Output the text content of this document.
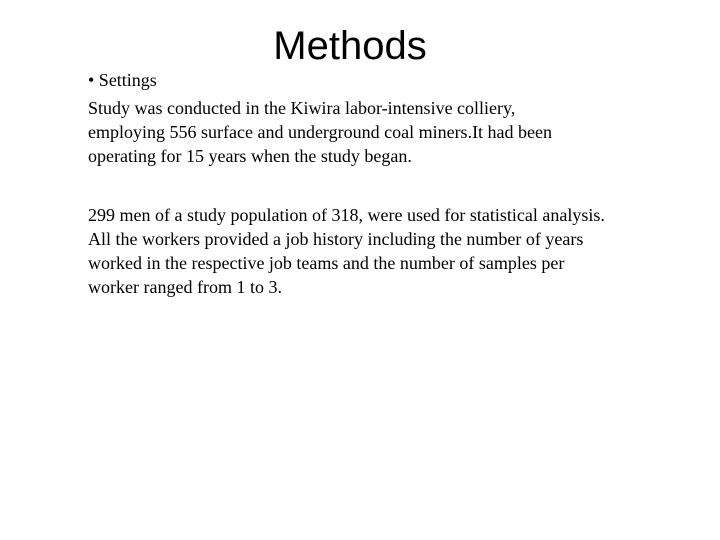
Methods
• Settings

Study was conducted in the Kiwira labor-intensive colliery,
employing 556 surface and underground coal miners.It had been
operating for 15 years when the study began.

299 men of a study population of 318, were used for statistical analysis.
All the workers provided a job history including the number of years
worked in the respective job teams and the number of samples per
worker ranged from 1 to 3.
